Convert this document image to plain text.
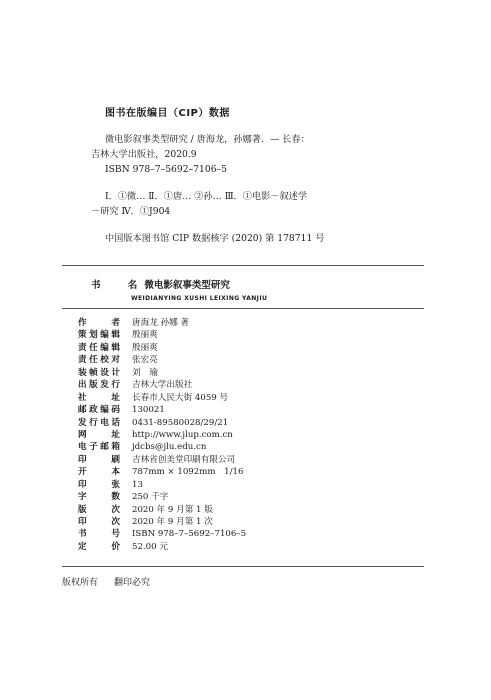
图书在版编目（CIP）数据
微电影叙事类型研究 / 唐海龙，孙娜著．— 长春：
吉林大学出版社，2020.9
ISBN 978–7–5692–7106–5
Ⅰ．①微… Ⅱ．①唐… ②孙… Ⅲ．①电影－叙述学
－研究 Ⅳ．①J904
中国版本图书馆 CIP 数据核字 (2020) 第 178711 号
书 名 微电影叙事类型研究
WEIDIANYING XUSHI LEIXING YANJIU
作者 唐海龙 孙娜 著
策划编辑 殷丽爽
责任编辑 殷丽爽
责任校对 张宏亮
装帧设计 刘　瑜
出版发行 吉林大学出版社
社址 长春市人民大街 4059 号
邮政编码 130021
发行电话 0431-89580028/29/21
网址 http://www.jlup.com.cn
电子邮箱 jdcbs@jlu.edu.cn
印刷 吉林省创美堂印刷有限公司
开本 787mm × 1092mm　1/16
印张 13
字数 250 千字
版次 2020 年 9 月第 1 版
印次 2020 年 9 月第 1 次
书号 ISBN 978–7–5692–7106–5
定价 52.00 元
版权所有 翻印必究
